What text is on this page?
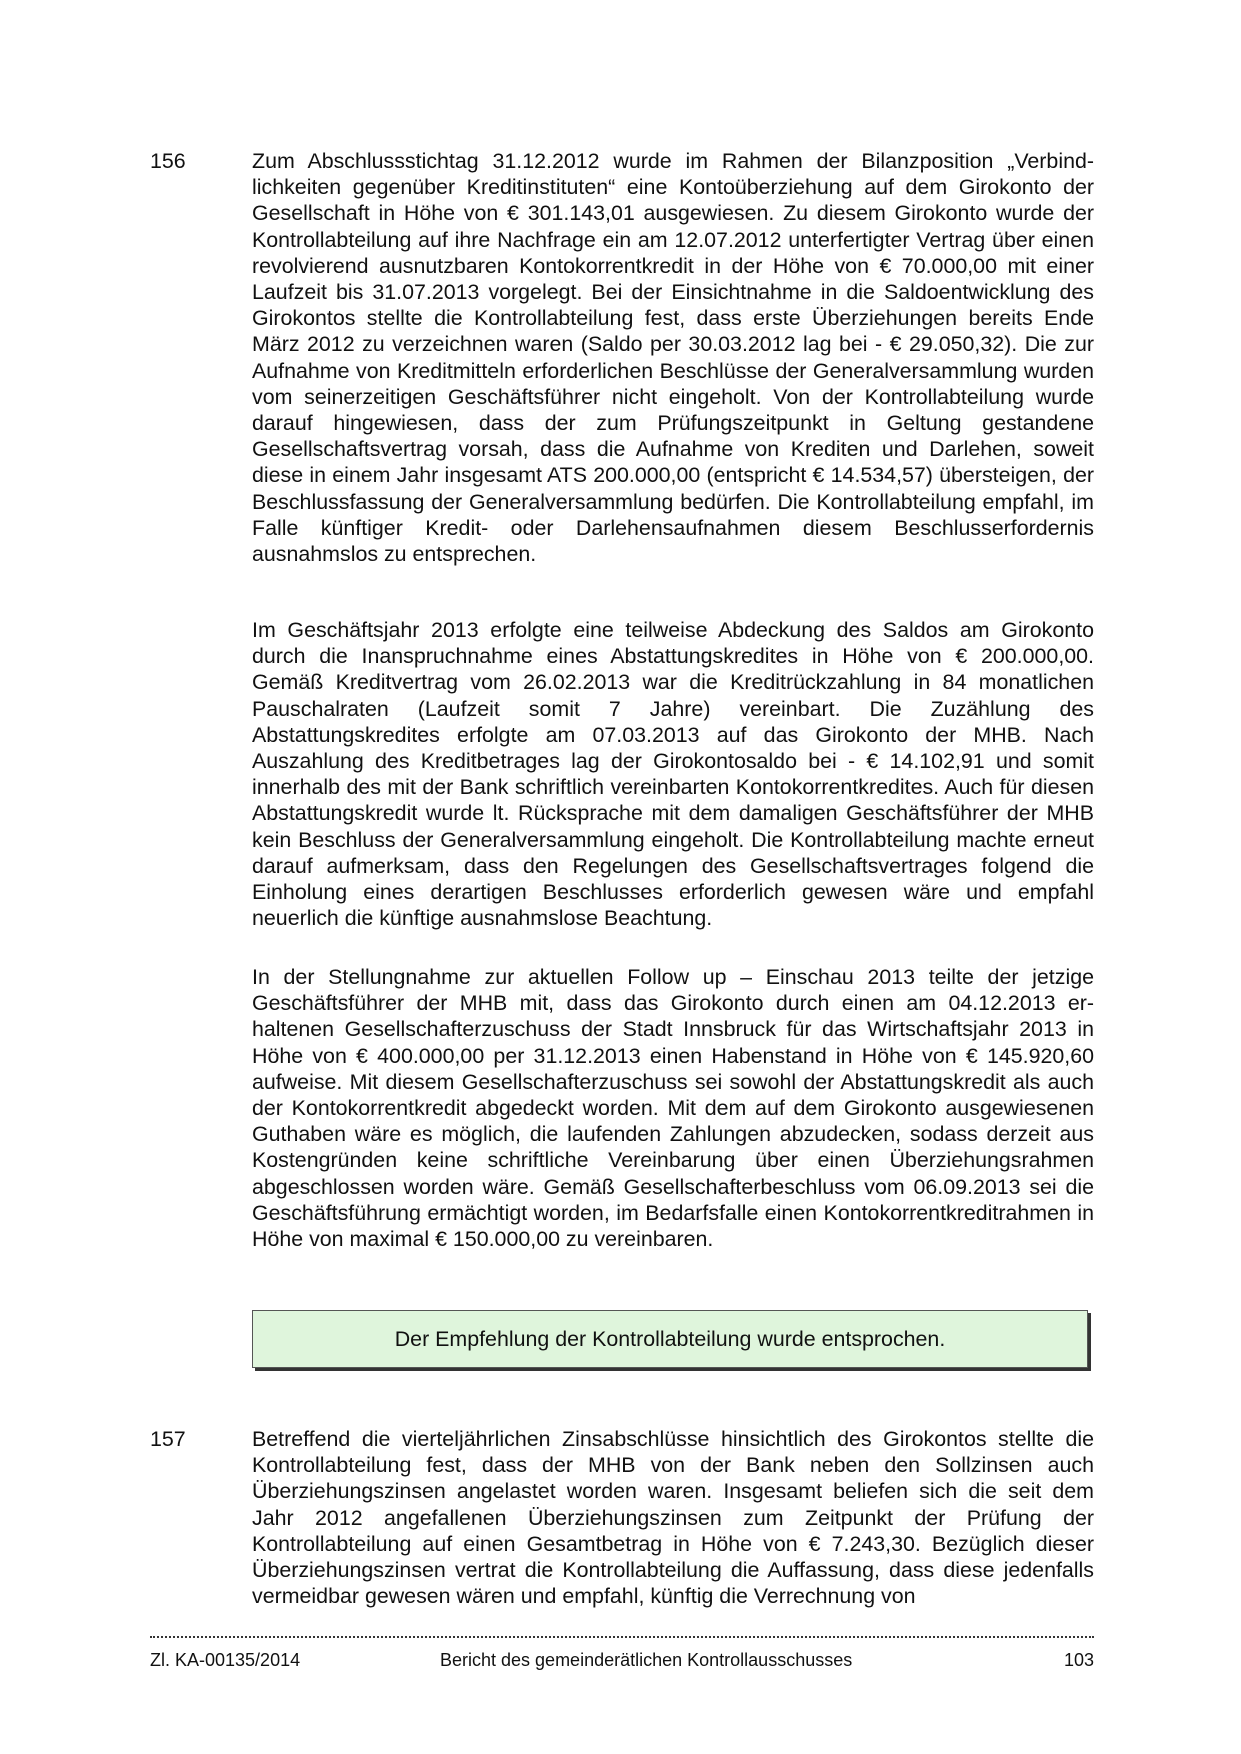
156	Zum Abschlussstichtag 31.12.2012 wurde im Rahmen der Bilanzposition „Verbindlichkeiten gegenüber Kreditinstituten“ eine Kontoüberziehung auf dem Girokonto der Gesellschaft in Höhe von € 301.143,01 ausgewiesen. Zu diesem Girokonto wurde der Kontrollabteilung auf ihre Nachfrage ein am 12.07.2012 unterfertigter Vertrag über einen revolvierend ausnutzbaren Kontokorrentkredit in der Höhe von € 70.000,00 mit einer Laufzeit bis 31.07.2013 vorgelegt. Bei der Einsichtnahme in die Saldoentwicklung des Girokontos stellte die Kontrollabteilung fest, dass erste Überziehungen bereits Ende März 2012 zu verzeichnen waren (Saldo per 30.03.2012 lag bei - € 29.050,32). Die zur Aufnahme von Kreditmitteln erforderlichen Beschlüsse der Generalversammlung wurden vom seinerzeitigen Geschäftsführer nicht eingeholt. Von der Kontrollabteilung wurde darauf hingewiesen, dass der zum Prüfungszeitpunkt in Geltung gestandene Gesellschaftsvertrag vorsah, dass die Aufnahme von Krediten und Darlehen, soweit diese in einem Jahr insgesamt ATS 200.000,00 (entspricht € 14.534,57) übersteigen, der Beschlussfassung der Generalversammlung bedürfen. Die Kontrollabteilung empfahl, im Falle künftiger Kredit- oder Darlehensaufnahmen diesem Beschlusserfordernis ausnahmslos zu entsprechen.

Im Geschäftsjahr 2013 erfolgte eine teilweise Abdeckung des Saldos am Girokonto durch die Inanspruchnahme eines Abstattungskredites in Höhe von € 200.000,00. Gemäß Kreditvertrag vom 26.02.2013 war die Kreditrückzahlung in 84 monatlichen Pauschalraten (Laufzeit somit 7 Jahre) vereinbart. Die Zuzählung des Abstattungskredites erfolgte am 07.03.2013 auf das Girokonto der MHB. Nach Auszahlung des Kreditbetrages lag der Girokontosaldo bei - € 14.102,91 und somit innerhalb des mit der Bank schriftlich vereinbarten Kontokorrentkredites. Auch für diesen Abstattungskredit wurde lt. Rücksprache mit dem damaligen Geschäftsführer der MHB kein Beschluss der Generalversammlung eingeholt. Die Kontrollabteilung machte erneut darauf aufmerksam, dass den Regelungen des Gesellschaftsvertrages folgend die Einholung eines derartigen Beschlusses erforderlich gewesen wäre und empfahl neuerlich die künftige ausnahmslose Beachtung.

In der Stellungnahme zur aktuellen Follow up – Einschau 2013 teilte der jetzige Geschäftsführer der MHB mit, dass das Girokonto durch einen am 04.12.2013 erhaltenen Gesellschafterzuschuss der Stadt Innsbruck für das Wirtschaftsjahr 2013 in Höhe von € 400.000,00 per 31.12.2013 einen Habenstand in Höhe von € 145.920,60 aufweise. Mit diesem Gesellschafterzuschuss sei sowohl der Abstattungskredit als auch der Kontokorrentkredit abgedeckt worden. Mit dem auf dem Girokonto ausgewiesenen Guthaben wäre es möglich, die laufenden Zahlungen abzudecken, sodass derzeit aus Kostengründen keine schriftliche Vereinbarung über einen Überziehungsrahmen abgeschlossen worden wäre. Gemäß Gesellschafterbeschluss vom 06.09.2013 sei die Geschäftsführung ermächtigt worden, im Bedarfsfalle einen Kontokorrentkreditrahmen in Höhe von maximal € 150.000,00 zu vereinbaren.

Der Empfehlung der Kontrollabteilung wurde entsprochen.

157	Betreffend die vierteljährlichen Zinsabschlüsse hinsichtlich des Girokontos stellte die Kontrollabteilung fest, dass der MHB von der Bank neben den Sollzinsen auch Überziehungszinsen angelastet worden waren. Insgesamt beliefen sich die seit dem Jahr 2012 angefallenen Überziehungszinsen zum Zeitpunkt der Prüfung der Kontrollabteilung auf einen Gesamtbetrag in Höhe von € 7.243,30. Bezüglich dieser Überziehungszinsen vertrat die Kontrollabteilung die Auffassung, dass diese jedenfalls vermeidbar gewesen wären und empfahl, künftig die Verrechnung von

Zl. KA-00135/2014	Bericht des gemeinderätlichen Kontrollausschusses	103
